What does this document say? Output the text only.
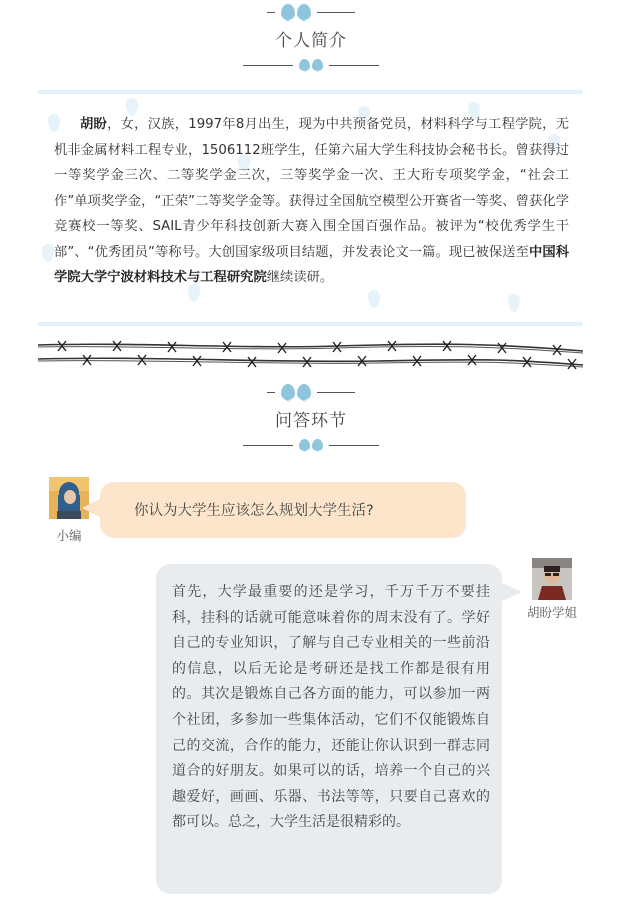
个人简介
胡盼，女，汉族，1997年8月出生，现为中共预备党员，材料科学与工程学院，无机非金属材料工程专业，1506112班学生，任第六届大学生科技协会秘书长。曾获得过一等奖学金三次、二等奖学金三次，三等奖学金一次、王大珩专项奖学金，“社会工作”单项奖学金，“正荣”二等奖学金等。获得过全国航空模型公开赛省一等奖、曾获化学竞赛校一等奖、SAIL青少年科技创新大赛入围全国百强作品。被评为“校优秀学生干部”、“优秀团员”等称号。大创国家级项目结题，并发表论文一篇。现已被保送至中国科学院大学宁波材料技术与工程研究院继续读研。
问答环节
小编
你认为大学生应该怎么规划大学生活?
胡盼学姐
首先，大学最重要的还是学习，千万千万不要挂科，挂科的话就可能意味着你的周末没有了。学好自己的专业知识，了解与自己专业相关的一些前沿的信息，以后无论是考研还是找工作都是很有用的。其次是锻炼自己各方面的能力，可以参加一两个社团，多参加一些集体活动，它们不仅能锻炼自己的交流，合作的能力，还能让你认识到一群志同道合的好朋友。如果可以的话，培养一个自己的兴趣爱好，画画、乐器、书法等等，只要自己喜欢的都可以。总之，大学生活是很精彩的。
